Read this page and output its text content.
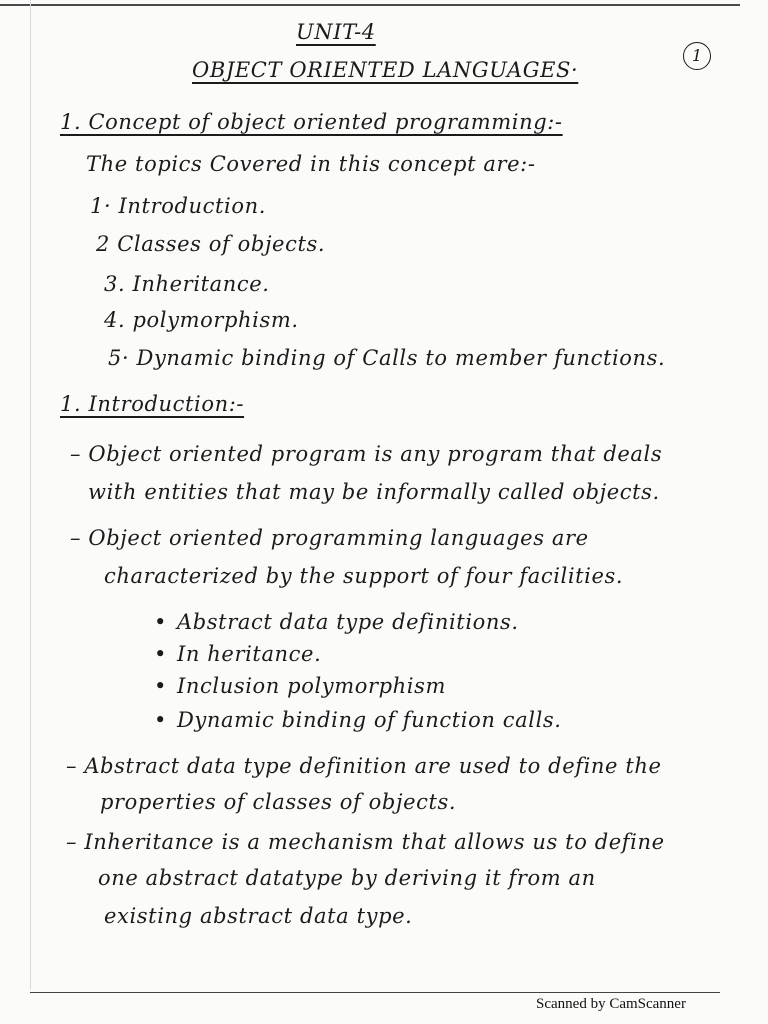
UNIT-4
OBJECT ORIENTED LANGUAGES·
1
1. Concept of object oriented programming:-
The topics Covered in this concept are:-
1· Introduction.
2 Classes of objects.
3. Inheritance.
4. polymorphism.
5· Dynamic binding of Calls to member functions.
1. Introduction:-
– Object oriented program is any program that deals
with entities that may be informally called objects.
– Object oriented programming languages are
characterized by the support of four facilities.
• Abstract data type definitions.
• In heritance.
• Inclusion polymorphism
• Dynamic binding of function calls.
– Abstract data type definition are used to define the
properties of classes of objects.
– Inheritance is a mechanism that allows us to define
one abstract datatype by deriving it from an
existing abstract data type.
Scanned by CamScanner
